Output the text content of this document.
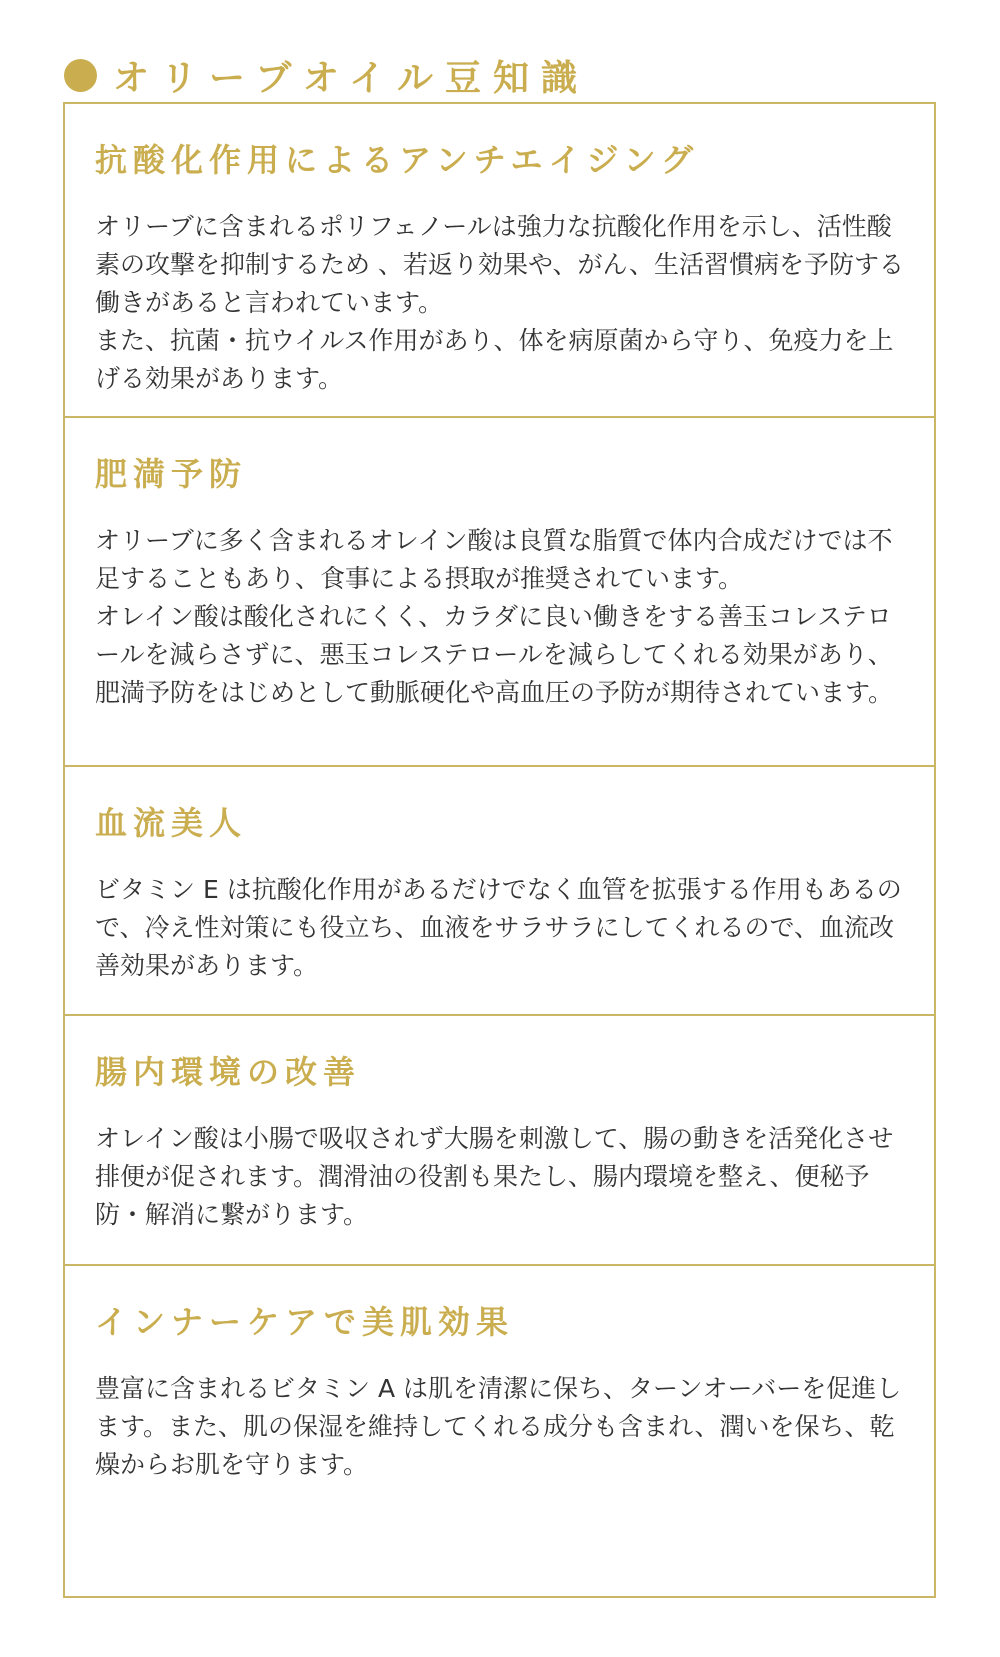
オリーブオイル豆知識
抗酸化作用によるアンチエイジング

オリーブに含まれるポリフェノールは強力な抗酸化作用を示し、活性酸素の攻撃を抑制するため 、若返り効果や、がん、生活習慣病を予防する働きがあると言われています。

また、抗菌・抗ウイルス作用があり、体を病原菌から守り、免疫力を上げる効果があります。

肥満予防

オリーブに多く含まれるオレイン酸は良質な脂質で体内合成だけでは不足することもあり、食事による摂取が推奨されています。

オレイン酸は酸化されにくく、カラダに良い働きをする善玉コレステロールを減らさずに、悪玉コレステロールを減らしてくれる効果があり、肥満予防をはじめとして動脈硬化や高血圧の予防が期待されています。

血流美人

ビタミン E は抗酸化作用があるだけでなく血管を拡張する作用もあるので、冷え性対策にも役立ち、血液をサラサラにしてくれるので、血流改善効果があります。

腸内環境の改善

オレイン酸は小腸で吸収されず大腸を刺激して、腸の動きを活発化させ排便が促されます。潤滑油の役割も果たし、腸内環境を整え、便秘予防・解消に繋がります。

インナーケアで美肌効果

豊富に含まれるビタミン A は肌を清潔に保ち、ターンオーバーを促進します。また、肌の保湿を維持してくれる成分も含まれ、潤いを保ち、乾燥からお肌を守ります。
